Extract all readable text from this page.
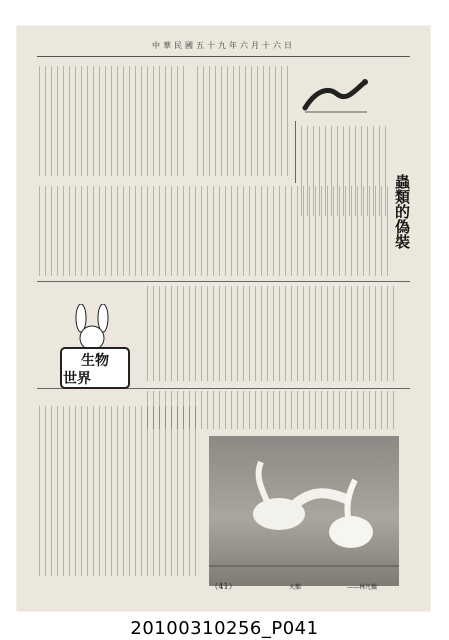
中華民國五十九年六月十六日
蟲類的偽裝
生物
世界
天鵝	——林凡攝
（41）
20100310256_P041
